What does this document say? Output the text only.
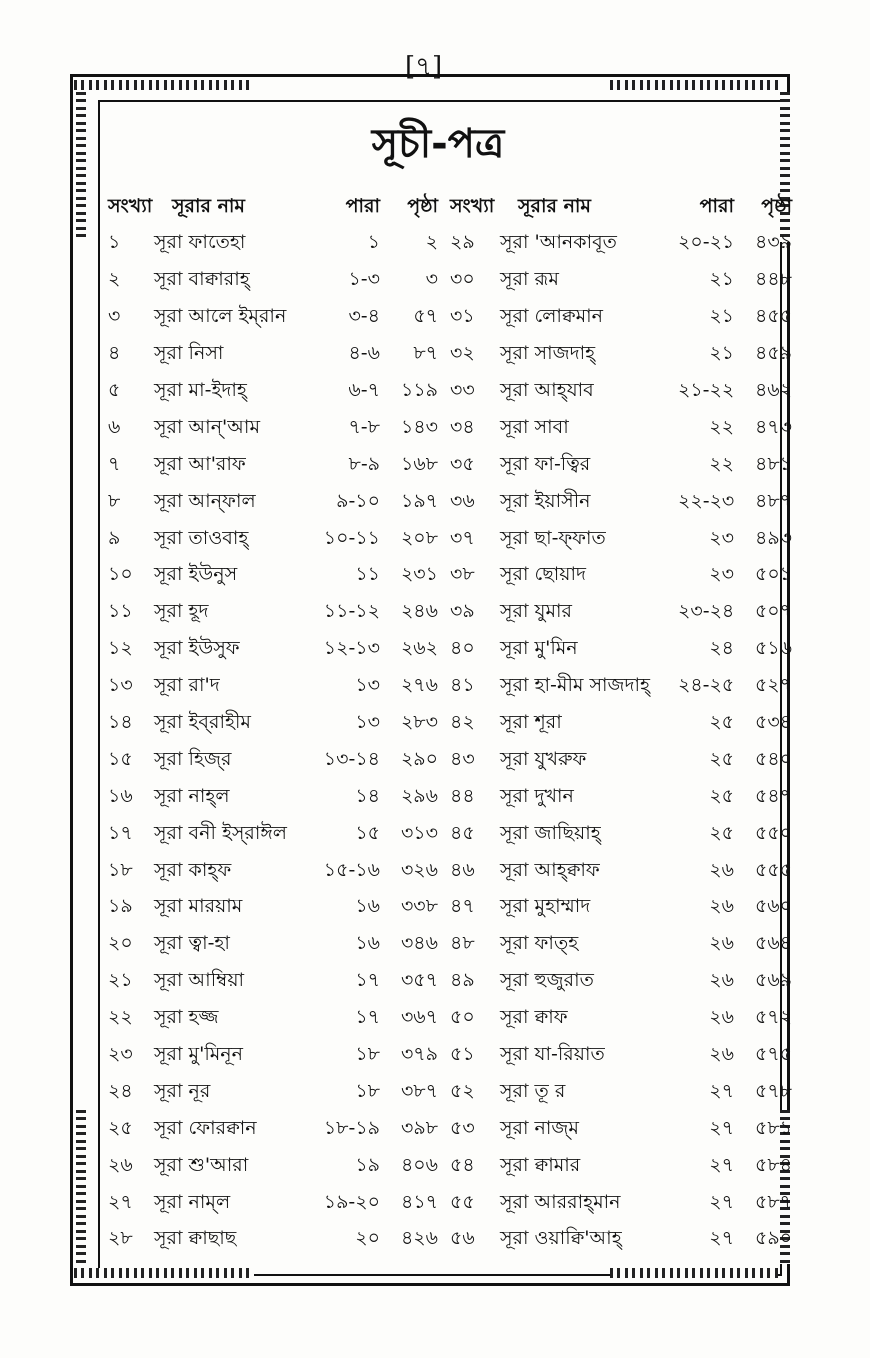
[৭]
সূচী-পত্র
সংখ্যা	সূরার নাম	পারা	পৃষ্ঠা	সংখ্যা	সূরার নাম	পারা	পৃষ্ঠা
১	সূরা ফাতেহা	১	২	২৯	সূরা 'আনকাবূত	২০-২১	৪৩৯
২	সূরা বাক্বারাহ্	১-৩	৩	৩০	সূরা রূম	২১	৪৪৮
৩	সূরা আলে ইম্‌রান	৩-৪	৫৭	৩১	সূরা লোক্বমান	২১	৪৫৫
৪	সূরা নিসা	৪-৬	৮৭	৩২	সূরা সাজদাহ্	২১	৪৫৯
৫	সূরা মা-ইদাহ্	৬-৭	১১৯	৩৩	সূরা আহ্‌যাব	২১-২২	৪৬২
৬	সূরা আন্'আম	৭-৮	১৪৩	৩৪	সূরা সাবা	২২	৪৭৩
৭	সূরা আ'রাফ	৮-৯	১৬৮	৩৫	সূরা ফা-ত্বির	২২	৪৮১
৮	সূরা আন্‌ফাল	৯-১০	১৯৭	৩৬	সূরা ইয়াসীন	২২-২৩	৪৮৭
৯	সূরা তাওবাহ্	১০-১১	২০৮	৩৭	সূরা ছা-ফ্‌ফাত	২৩	৪৯৩
১০	সূরা ইউনুস	১১	২৩১	৩৮	সূরা ছোয়াদ	২৩	৫০১
১১	সূরা হূদ	১১-১২	২৪৬	৩৯	সূরা যুমার	২৩-২৪	৫০৭
১২	সূরা ইউসুফ	১২-১৩	২৬২	৪০	সূরা মু'মিন	২৪	৫১৬
১৩	সূরা রা'দ	১৩	২৭৬	৪১	সূরা হা-মীম সাজদাহ্	২৪-২৫	৫২৭
১৪	সূরা ইব্‌রাহীম	১৩	২৮৩	৪২	সূরা শূরা	২৫	৫৩৪
১৫	সূরা হিজ্‌র	১৩-১৪	২৯০	৪৩	সূরা যুখরুফ	২৫	৫৪০
১৬	সূরা নাহ্‌ল	১৪	২৯৬	৪৪	সূরা দুখান	২৫	৫৪৭
১৭	সূরা বনী ইস্‌রাঈল	১৫	৩১৩	৪৫	সূরা জাছিয়াহ্	২৫	৫৫০
১৮	সূরা কাহ্‌ফ	১৫-১৬	৩২৬	৪৬	সূরা আহ্‌ক্বাফ	২৬	৫৫৫
১৯	সূরা মারয়াম	১৬	৩৩৮	৪৭	সূরা মুহাম্মাদ	২৬	৫৬০
২০	সূরা ত্বা-হা	১৬	৩৪৬	৪৮	সূরা ফাত্‌হ	২৬	৫৬৪
২১	সূরা আম্বিয়া	১৭	৩৫৭	৪৯	সূরা হুজুরাত	২৬	৫৬৯
২২	সূরা হজ্জ	১৭	৩৬৭	৫০	সূরা ক্বাফ	২৬	৫৭২
২৩	সূরা মু'মিনূন	১৮	৩৭৯	৫১	সূরা যা-রিয়াত	২৬	৫৭৫
২৪	সূরা নূর	১৮	৩৮৭	৫২	সূরা তূ র	২৭	৫৭৮
২৫	সূরা ফোরক্বান	১৮-১৯	৩৯৮	৫৩	সূরা নাজ্‌ম	২৭	৫৮১
২৬	সূরা শু'আরা	১৯	৪০৬	৫৪	সূরা ক্বামার	২৭	৫৮৪
২৭	সূরা নাম্‌ল	১৯-২০	৪১৭	৫৫	সূরা আররাহ্‌মান	২৭	৫৮৭
২৮	সূরা ক্বাছাছ	২০	৪২৬	৫৬	সূরা ওয়াক্বি'আহ্	২৭	৫৯০
